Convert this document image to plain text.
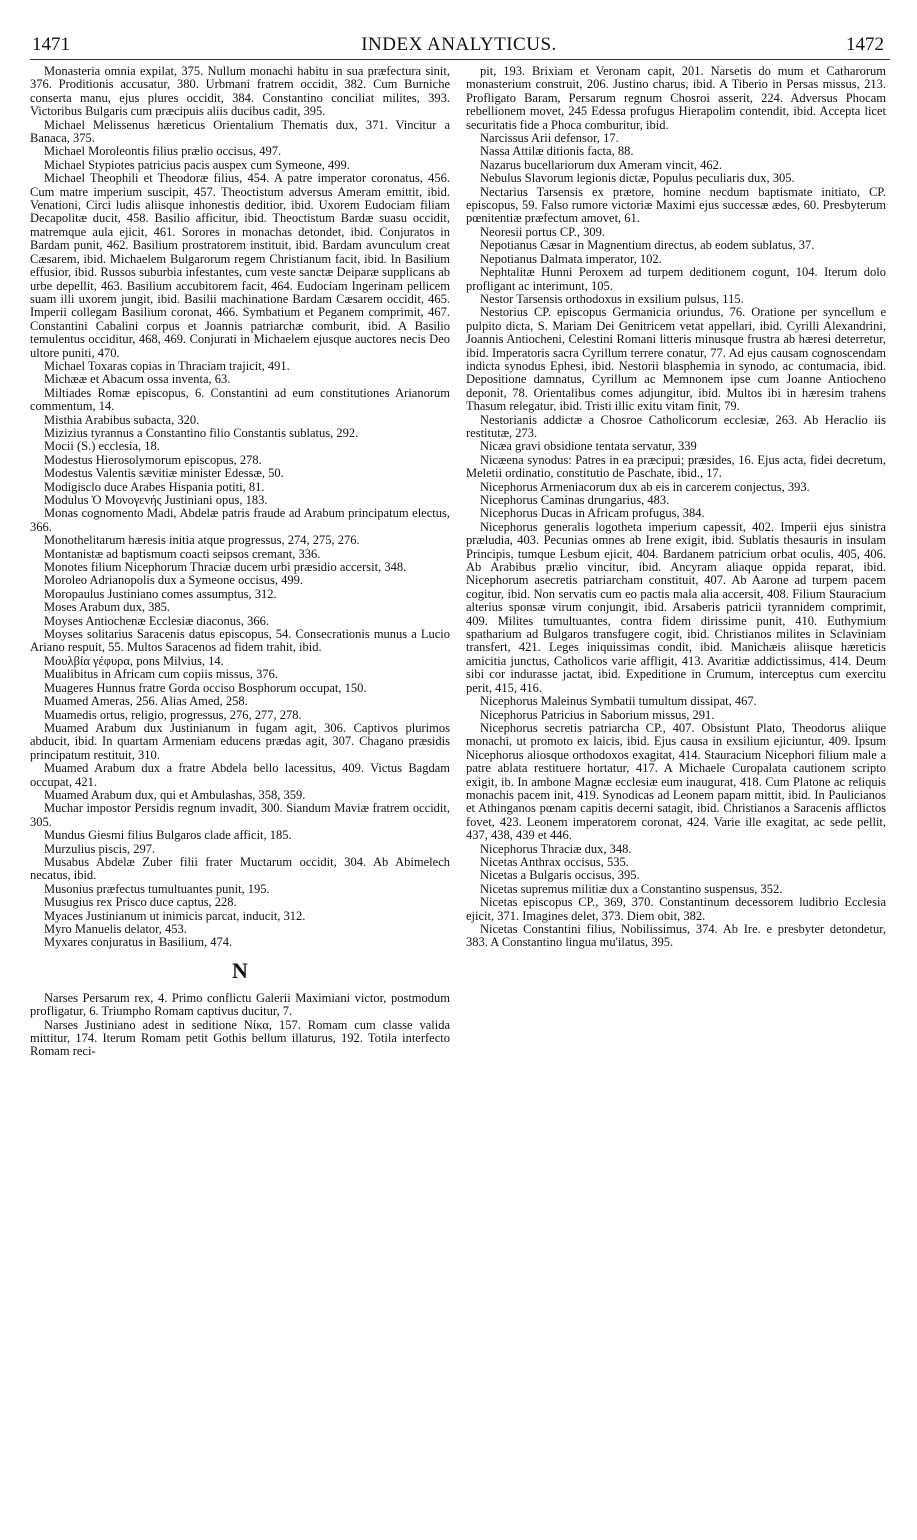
1471	INDEX ANALYTICUS.	1472

Monasteria omnia expilat, 375. Nullum monachi habitu in sua præfectura sinit, 376. Proditionis accusatur, 380. Urbmani fratrem occidit, 382. Cum Burniche conserta manu, ejus plures occidit, 384. Constantino conciliat milites, 393. Victoribus Bulgaris cum præcipuis aliis ducibus cadit, 395.

Michael Melissenus hæreticus Orientalium Thematis dux, 371. Vincitur a Banaca, 375.

Michael Moroleontis filius prælio occisus, 497.

Michael Stypiotes patricius pacis auspex cum Symeone, 499.

Michael Theophili et Theodoræ filius, 454. A patre imperator coronatus, 456. Cum matre imperium suscipit, 457. Theoctistum adversus Ameram emittit, ibid. Venationi, Circi ludis aliisque inhonestis deditior, ibid. Uxorem Eudociam filiam Decapolitæ ducit, 458. Basilio afficitur, ibid. Theoctistum Bardæ suasu occidit, matremque aula ejicit, 461. Sorores in monachas detondet, ibid. Conjuratos in Bardam punit, 462. Basilium prostratorem instituit, ibid. Bardam avunculum creat Cæsarem, ibid. Michaelem Bulgarorum regem Christianum facit, ibid. In Basilium effusior, ibid. Russos suburbia infestantes, cum veste sanctæ Deiparæ supplicans ab urbe depellit, 463. Basilium accubitorem facit, 464. Eudociam Ingerinam pellicem suam illi uxorem jungit, ibid. Basilii machinatione Bardam Cæsarem occidit, 465. Imperii collegam Basilium coronat, 466. Symbatium et Peganem comprimit, 467. Constantini Cabalini corpus et Joannis patriarchæ comburit, ibid. A Basilio temulentus occiditur, 468, 469. Conjurati in Michaelem ejusque auctores necis Deo ultore puniti, 470.

Michael Toxaras copias in Thraciam trajicit, 491.

Michææ et Abacum ossa inventa, 63.

Miltiades Romæ episcopus, 6. Constantini ad eum constitutiones Arianorum commentum, 14.

Misthia Arabibus subacta, 320.

Mizizius tyrannus a Constantino filio Constantis sublatus, 292.

Mocii (S.) ecclesia, 18.

Modestus Hierosolymorum episcopus, 278.

Modestus Valentis sævitiæ minister Edessæ, 50.

Modigisclo duce Arabes Hispania potiti, 81.

Modulus Ὁ Μονογενής Justiniani opus, 183.

Monas cognomento Madi, Abdelæ patris fraude ad Arabum principatum electus, 366.

Monothelitarum hæresis initia atque progressus, 274, 275, 276.

Montanistæ ad baptismum coacti seipsos cremant, 336.

Monotes filium Nicephorum Thraciæ ducem urbi præsidio accersit, 348.

Moroleo Adrianopolis dux a Symeone occisus, 499.

Moropaulus Justiniano comes assumptus, 312.

Moses Arabum dux, 385.

Moyses Antiochenæ Ecclesiæ diaconus, 366.

Moyses solitarius Saracenis datus episcopus, 54. Consecrationis munus a Lucio Ariano respuit, 55. Multos Saracenos ad fidem trahit, ibid.

Μουλβία γέφυρα, pons Milvius, 14.

Mualibitus in Africam cum copiis missus, 376.

Muageres Hunnus fratre Gorda occiso Bosphorum occupat, 150.

Muamed Ameras, 256. Alias Amed, 258.

Muamedis ortus, religio, progressus, 276, 277, 278.

Muamed Arabum dux Justinianum in fugam agit, 306. Captivos plurimos abducit, ibid. In quartam Armeniam educens prædas agit, 307. Chagano præsidis principatum restituit, 310.

Muamed Arabum dux a fratre Abdela bello lacessitus, 409. Victus Bagdam occupat, 421.

Muamed Arabum dux, qui et Ambulashas, 358, 359.

Muchar impostor Persidis regnum invadit, 300. Siandum Maviæ fratrem occidit, 305.

Mundus Giesmi filius Bulgaros clade afficit, 185.

Murzulius piscis, 297.

Musabus Abdelæ Zuber filii frater Muctarum occidit, 304. Ab Abimelech necatus, ibid.

Musonius præfectus tumultuantes punit, 195.

Musugius rex Prisco duce captus, 228.

Myaces Justinianum ut inimicis parcat, inducit, 312.

Myro Manuelis delator, 453.

Myxares conjuratus in Basilium, 474.

N

Narses Persarum rex, 4. Primo conflictu Galerii Maximiani victor, postmodum profligatur, 6. Triumpho Romam captivus ducitur, 7.

Narses Justiniano adest in seditione Νίκα, 157. Romam cum classe valida mittitur, 174. Iterum Romam petit Gothis bellum illaturus, 192. Totila interfecto Romam reci-

pit, 193. Brixiam et Veronam capit, 201. Narsetis do mum et Catharorum monasterium construit, 206. Justino charus, ibid. A Tiberio in Persas missus, 213. Profligato Baram, Persarum regnum Chosroi asserit, 224. Adversus Phocam rebellionem movet, 245 Edessa profugus Hierapolim contendit, ibid. Accepta licet securitatis fide a Phoca comburitur, ibid.

Narcissus Arii defensor, 17.

Nassa Attilæ ditionis facta, 88.

Nazarus bucellariorum dux Ameram vincit, 462.

Nebulus Slavorum legionis dictæ, Populus peculiaris dux, 305.

Nectarius Tarsensis ex prætore, homine necdum baptismate initiato, CP. episcopus, 59. Falso rumore victoriæ Maximi ejus successæ ædes, 60. Presbyterum pœnitentiæ præfectum amovet, 61.

Neoresii portus CP., 309.

Nepotianus Cæsar in Magnentium directus, ab eodem sublatus, 37.

Nepotianus Dalmata imperator, 102.

Nephtalitæ Hunni Peroxem ad turpem deditionem cogunt, 104. Iterum dolo profligant ac interimunt, 105.

Nestor Tarsensis orthodoxus in exsilium pulsus, 115.

Nestorius CP. episcopus Germanicia oriundus, 76. Oratione per syncellum e pulpito dicta, S. Mariam Dei Genitricem vetat appellari, ibid. Cyrilli Alexandrini, Joannis Antiocheni, Celestini Romani litteris minusque frustra ab hæresi deterretur, ibid. Imperatoris sacra Cyrillum terrere conatur, 77. Ad ejus causam cognoscendam indicta synodus Ephesi, ibid. Nestorii blasphemia in synodo, ac contumacia, ibid. Depositione damnatus, Cyrillum ac Memnonem ipse cum Joanne Antiocheno deponit, 78. Orientalibus comes adjungitur, ibid. Multos ibi in hæresim trahens Thasum relegatur, ibid. Tristi illic exitu vitam finit, 79.

Nestorianis addictæ a Chosroe Catholicorum ecclesiæ, 263. Ab Heraclio iis restitutæ, 273.

Nicæa gravi obsidione tentata servatur, 339

Nicæena synodus: Patres in ea præcipui; præsides, 16. Ejus acta, fidei decretum, Meletii ordinatio, constitutio de Paschate, ibid., 17.

Nicephorus Armeniacorum dux ab eis in carcerem conjectus, 393.

Nicephorus Caminas drungarius, 483.

Nicephorus Ducas in Africam profugus, 384.

Nicephorus generalis logotheta imperium capessit, 402. Imperii ejus sinistra præludia, 403. Pecunias omnes ab Irene exigit, ibid. Sublatis thesauris in insulam Principis, tumque Lesbum ejicit, 404. Bardanem patricium orbat oculis, 405, 406. Ab Arabibus prælio vincitur, ibid. Ancyram aliaque oppida reparat, ibid. Nicephorum asecretis patriarcham constituit, 407. Ab Aarone ad turpem pacem cogitur, ibid. Non servatis cum eo pactis mala alia accersit, 408. Filium Stauracium alterius sponsæ virum conjungit, ibid. Arsaberis patricii tyrannidem comprimit, 409. Milites tumultuantes, contra fidem dirissime punit, 410. Euthymium spatharium ad Bulgaros transfugere cogit, ibid. Christianos milites in Sclaviniam transfert, 421. Leges iniquissimas condit, ibid. Manichæis aliisque hæreticis amicitia junctus, Catholicos varie affligit, 413. Avaritiæ addictissimus, 414. Deum sibi cor indurasse jactat, ibid. Expeditione in Crumum, interceptus cum exercitu perit, 415, 416.

Nicephorus Maleinus Symbatii tumultum dissipat, 467.

Nicephorus Patricius in Saborium missus, 291.

Nicephorus secretis patriarcha CP., 407. Obsistunt Plato, Theodorus aliique monachi, ut promoto ex laicis, ibid. Ejus causa in exsilium ejiciuntur, 409. Ipsum Nicephorus aliosque orthodoxos exagitat, 414. Stauracium Nicephori filium male a patre ablata restituere hortatur, 417. A Michaele Curopalata cautionem scripto exigit, ib. In ambone Magnæ ecclesiæ eum inaugurat, 418. Cum Platone ac reliquis monachis pacem init, 419. Synodicas ad Leonem papam mittit, ibid. In Paulicianos et Athinganos pœnam capitis decerni satagit, ibid. Christianos a Saracenis afflictos fovet, 423. Leonem imperatorem coronat, 424. Varie ille exagitat, ac sede pellit, 437, 438, 439 et 446.

Nicephorus Thraciæ dux, 348.

Nicetas Anthrax occisus, 535.

Nicetas a Bulgaris occisus, 395.

Nicetas supremus militiæ dux a Constantino suspensus, 352.

Nicetas episcopus CP., 369, 370. Constantinum decessorem ludibrio Ecclesia ejicit, 371. Imagines delet, 373. Diem obit, 382.

Nicetas Constantini filius, Nobilissimus, 374. Ab Ire. e presbyter detondetur, 383. A Constantino lingua mu'ilatus, 395.
